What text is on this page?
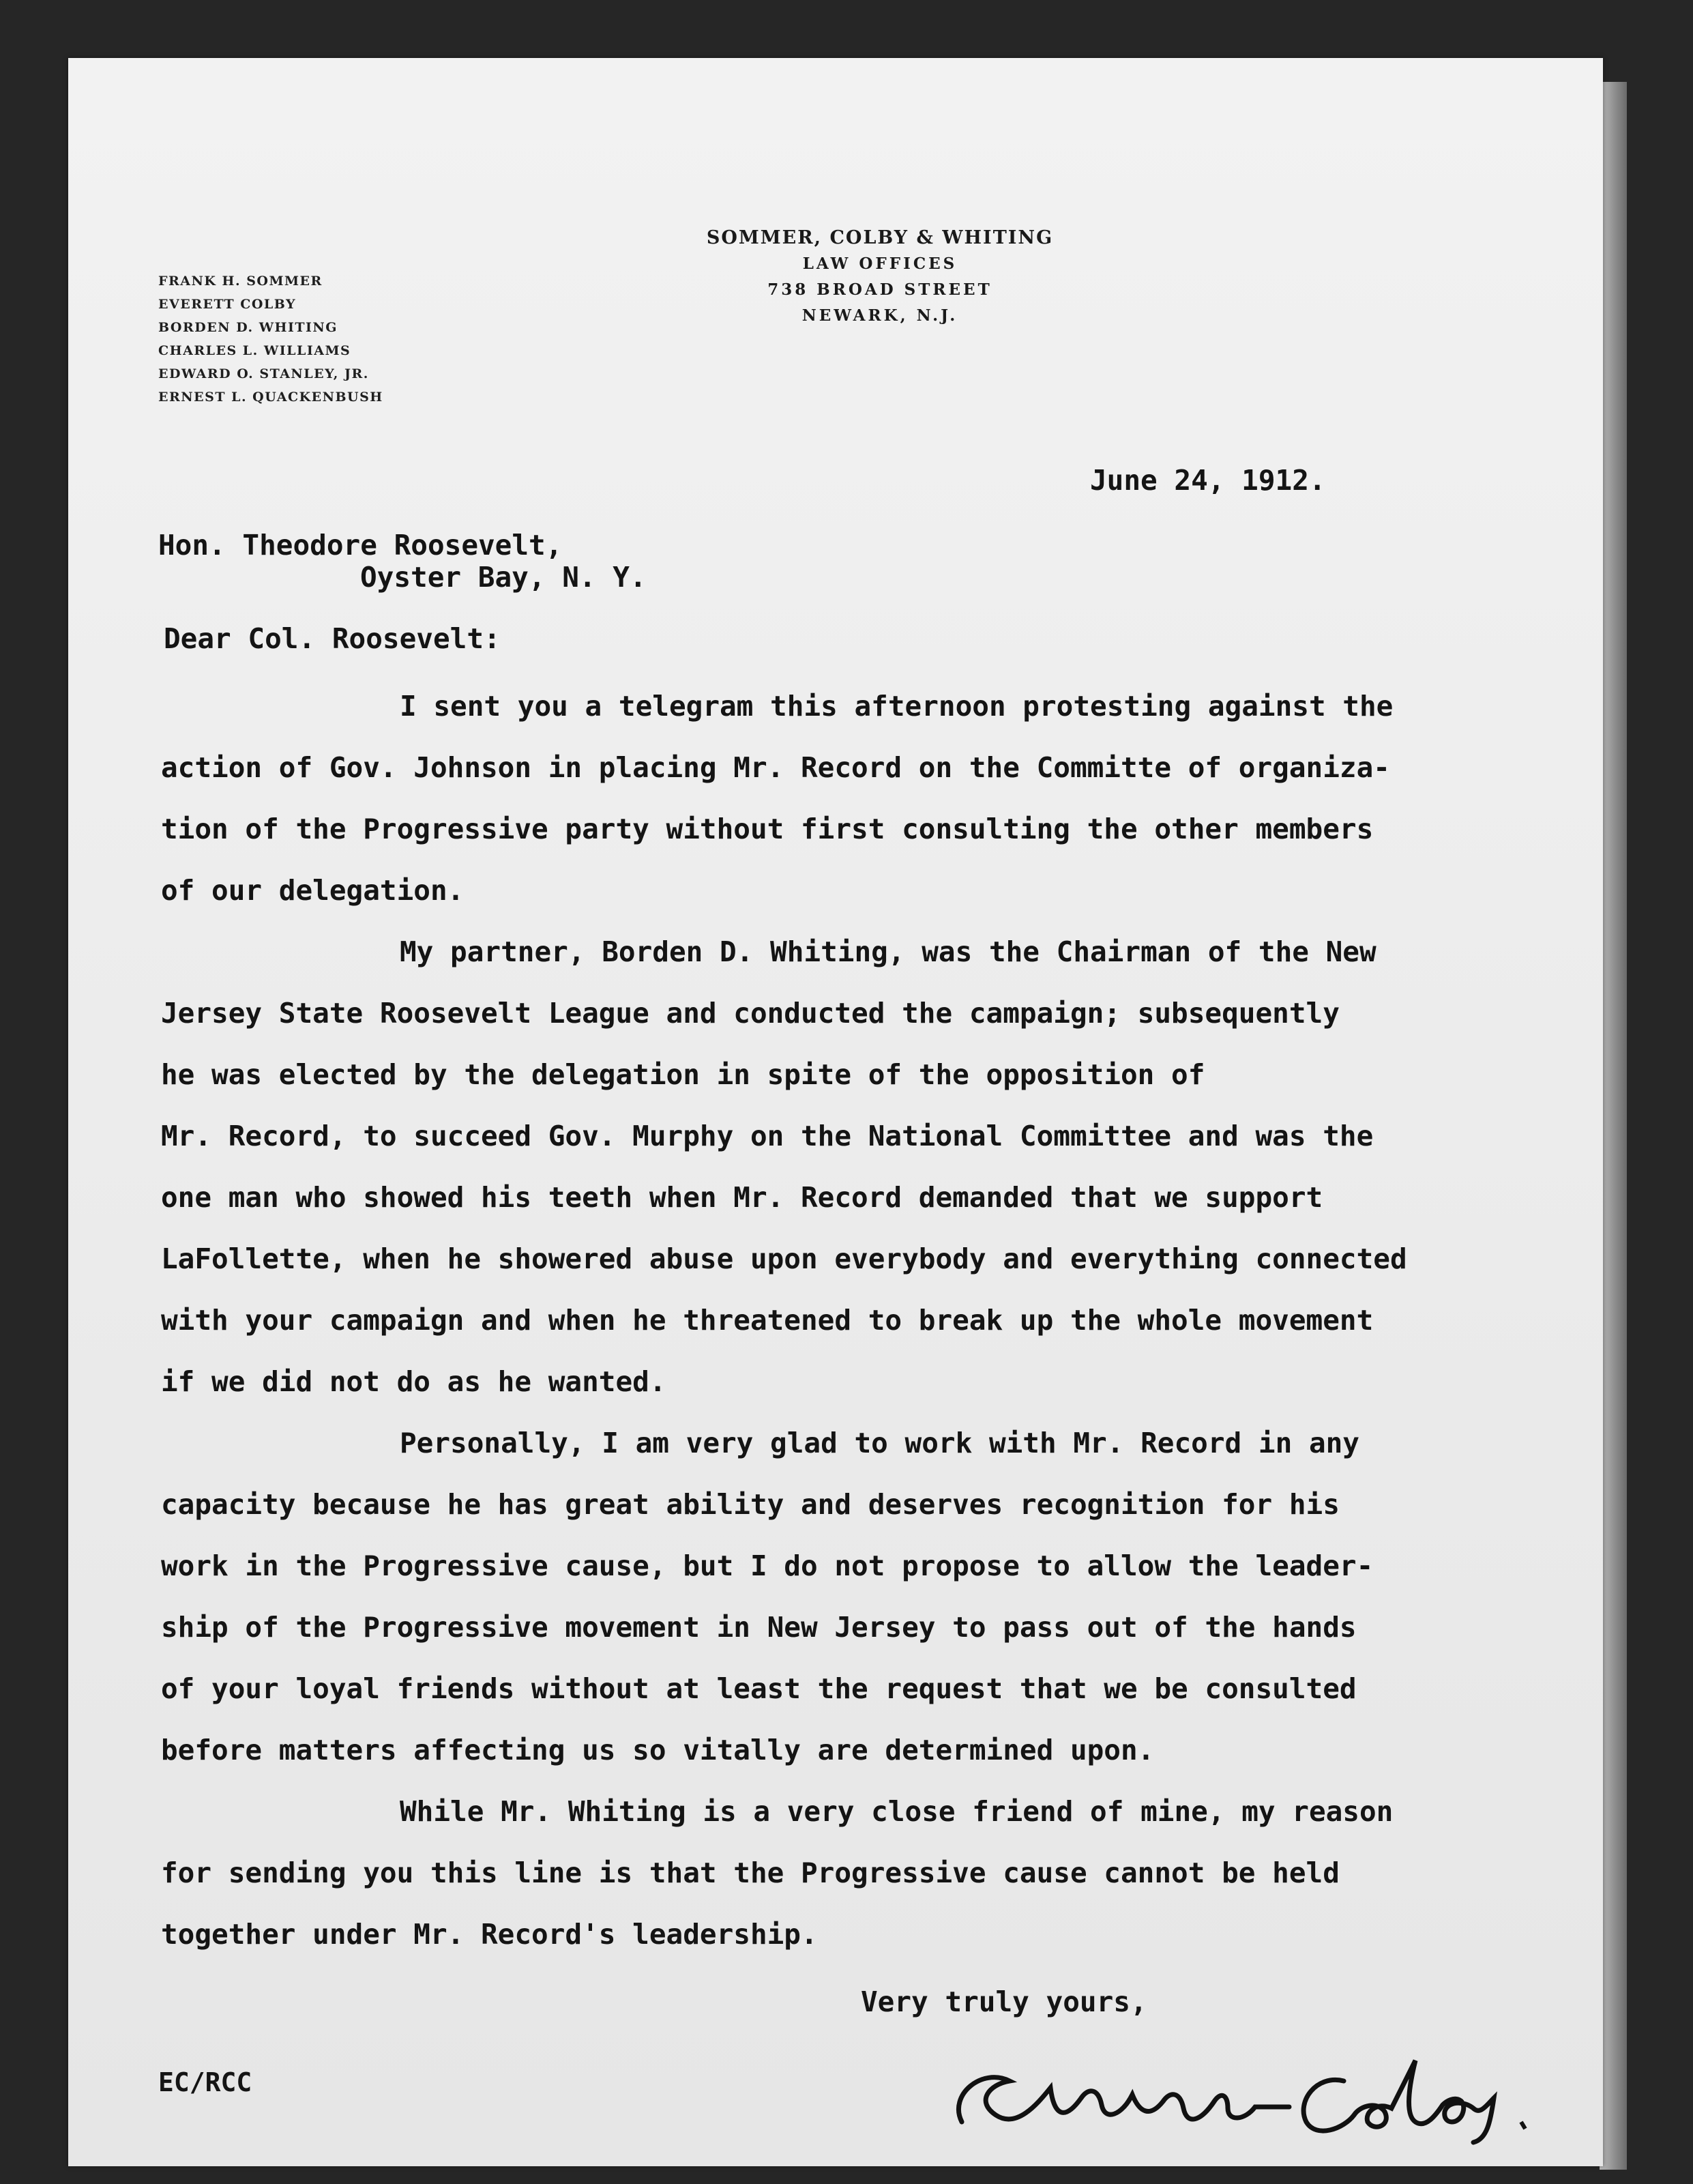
SOMMER, COLBY & WHITING
LAW OFFICES
738 BROAD STREET
NEWARK, N.J.
FRANK H. SOMMER
EVERETT COLBY
BORDEN D. WHITING
CHARLES L. WILLIAMS
EDWARD O. STANLEY, JR.
ERNEST L. QUACKENBUSH
June 24, 1912.
Hon. Theodore Roosevelt,
Oyster Bay, N. Y.
Dear Col. Roosevelt:
I sent you a telegram this afternoon protesting against the
action of Gov. Johnson in placing Mr. Record on the Committe of organiza-
tion of the Progressive party without first consulting the other members
of our delegation.
My partner, Borden D. Whiting, was the Chairman of the New
Jersey State Roosevelt League and conducted the campaign; subsequently
he was elected by the delegation in spite of the opposition of
Mr. Record, to succeed Gov. Murphy on the National Committee and was the
one man who showed his teeth when Mr. Record demanded that we support
LaFollette, when he showered abuse upon everybody and everything connected
with your campaign and when he threatened to break up the whole movement
if we did not do as he wanted.
Personally, I am very glad to work with Mr. Record in any
capacity because he has great ability and deserves recognition for his
work in the Progressive cause, but I do not propose to allow the leader-
ship of the Progressive movement in New Jersey to pass out of the hands
of your loyal friends without at least the request that we be consulted
before matters affecting us so vitally are determined upon.
While Mr. Whiting is a very close friend of mine, my reason
for sending you this line is that the Progressive cause cannot be held
together under Mr. Record's leadership.
Very truly yours,
EC/RCC
